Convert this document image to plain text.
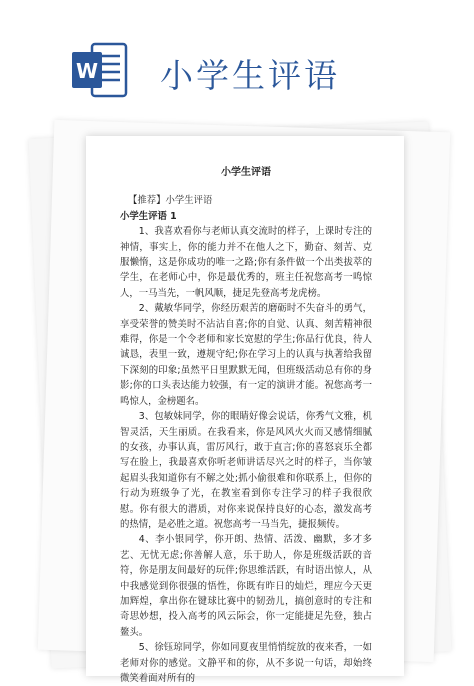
W 小学生评语
小学生评语
【推荐】小学生评语
小学生评语 1
1、我喜欢看你与老师认真交流时的样子，上课时专注的神情，事实上，你的能力并不在他人之下，勤奋、刻苦、克服懒惰，这是你成功的唯一之路;你有条件做一个出类拔萃的学生，在老师心中，你是最优秀的，班主任祝您高考一鸣惊人，一马当先，一帆风顺，捷足先登高考龙虎榜。
2、戴敏华同学，你经历艰苦的磨砺时不失奋斗的勇气，享受荣誉的赞美时不沾沾自喜;你的自觉、认真、刻苦精神很难得，你是一个令老师和家长宽慰的学生;你品行优良，待人诚恳，表里一致，遵规守纪;你在学习上的认真与执著给我留下深刻的印象;虽然平日里默默无闻，但班级活动总有你的身影;你的口头表达能力较强，有一定的演讲才能。祝您高考一鸣惊人，金榜题名。
3、包敏妹同学，你的眼睛好像会说话，你秀气文雅，机智灵活，天生丽质。在我看来，你是风风火火而又感情细腻的女孩，办事认真，雷厉风行，敢于直言;你的喜怒哀乐全都写在脸上，我最喜欢你听老师讲话尽兴之时的样子，当你皱起眉头我知道你有不解之处;抓小偷很难和你联系上，但你的行动为班级争了光，在教室看到你专注学习的样子我很欣慰。你有很大的潜质，对你来说保持良好的心态，激发高考的热情，是必胜之道。祝您高考一马当先，捷报频传。
4、李小银同学，你开朗、热情、活泼、幽默，多才多艺、无忧无虑;你善解人意，乐于助人，你是班级活跃的音符，你是朋友间最好的玩伴;你思维活跃，有时语出惊人，从中我感觉到你很强的悟性，你既有昨日的灿烂，理应今天更加辉煌，拿出你在键球比赛中的韧劲儿，搞创意时的专注和奇思妙想，投入高考的风云际会，你一定能捷足先登，独占鳌头。
5、徐钰琼同学，你如同夏夜里悄悄绽放的夜来香，一如老师对你的感觉。文静平和的你，从不多说一句话，却始终微笑着面对所有的
